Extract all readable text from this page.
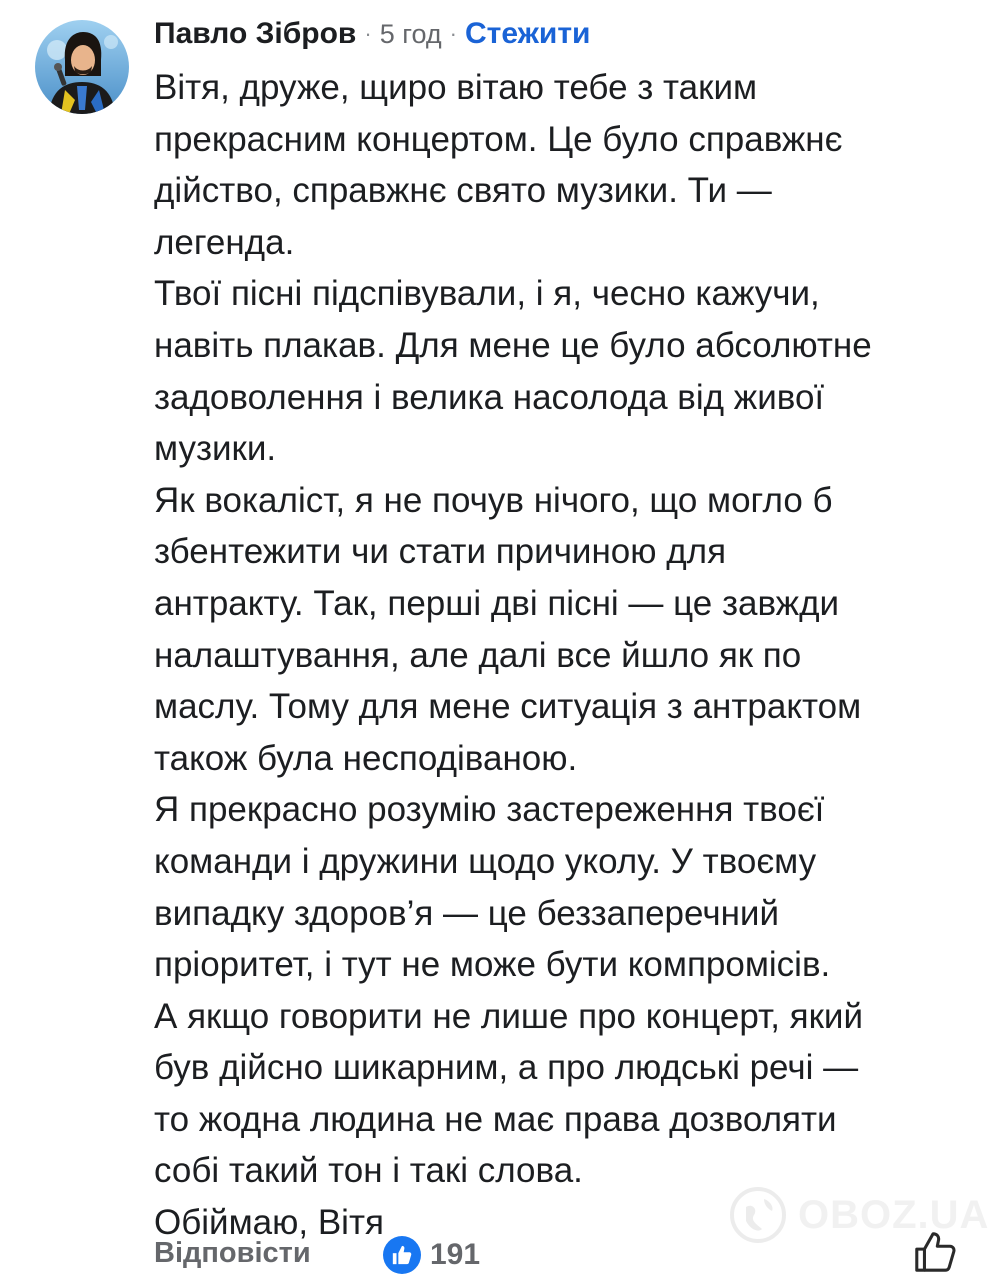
Павло Зібров · 5 год · Стежити

Вітя, друже, щиро вітаю тебе з таким

прекрасним концертом. Це було справжнє

дійство, справжнє свято музики. Ти —

легенда.

Твої пісні підспівували, і я, чесно кажучи,

навіть плакав. Для мене це було абсолютне

задоволення і велика насолода від живої

музики.

Як вокаліст, я не почув нічого, що могло б

збентежити чи стати причиною для

антракту. Так, перші дві пісні — це завжди

налаштування, але далі все йшло як по

маслу. Тому для мене ситуація з антрактом

також була несподіваною.

Я прекрасно розумію застереження твоєї

команди і дружини щодо уколу. У твоєму

випадку здоров’я — це беззаперечний

пріоритет, і тут не може бути компромісів.

А якщо говорити не лише про концерт, який

був дійсно шикарним, а про людські речі —

то жодна людина не має права дозволяти

собі такий тон і такі слова.

Обіймаю, Вітя	OBOZ.UA
Відповісти	191
